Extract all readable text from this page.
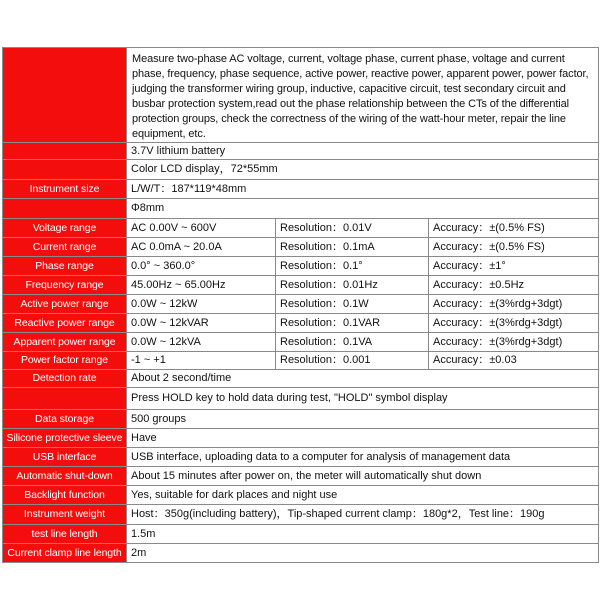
	Measure two-phase AC voltage, current, voltage phase, current phase, voltage and current phase, frequency, phase sequence, active power, reactive power, apparent power, power factor, judging the transformer wiring group, inductive, capacitive circuit, test secondary circuit and busbar protection system,read out the phase relationship between the CTs of the differential protection groups, check the correctness of the wiring of the watt-hour meter, repair the line equipment, etc.		
	3.7V lithium battery		
	Color LCD display，72*55mm		
Instrument size	L/W/T：187*119*48mm		
	Φ8mm		
Voltage range	AC 0.00V ~ 600V	Resolution：0.01V	Accuracy：±(0.5% FS)
Current range	AC 0.0mA ~ 20.0A	Resolution：0.1mA	Accuracy：±(0.5% FS)
Phase range	0.0° ~ 360.0°	Resolution：0.1°	Accuracy：±1°
Frequency range	45.00Hz ~ 65.00Hz	Resolution：0.01Hz	Accuracy：±0.5Hz
Active power range	0.0W ~ 12kW	Resolution：0.1W	Accuracy：±(3%rdg+3dgt)
Reactive power range	0.0W ~ 12kVAR	Resolution：0.1VAR	Accuracy：±(3%rdg+3dgt)
Apparent power range	0.0W ~ 12kVA	Resolution：0.1VA	Accuracy：±(3%rdg+3dgt)
Power factor range	-1 ~ +1	Resolution：0.001	Accuracy：±0.03
Detection rate	About 2 second/time		
	Press HOLD key to hold data during test, "HOLD" symbol display		
Data storage	500 groups		
Silicone protective sleeve	Have		
USB interface	USB interface, uploading data to a computer for analysis of management data		
Automatic shut-down	About 15 minutes after power on, the meter will automatically shut down		
Backlight function	Yes, suitable for dark places and night use		
Instrument weight	Host：350g(including battery)，Tip-shaped current clamp：180g*2，Test line：190g		
test line length	1.5m		
Current clamp line length	2m		
